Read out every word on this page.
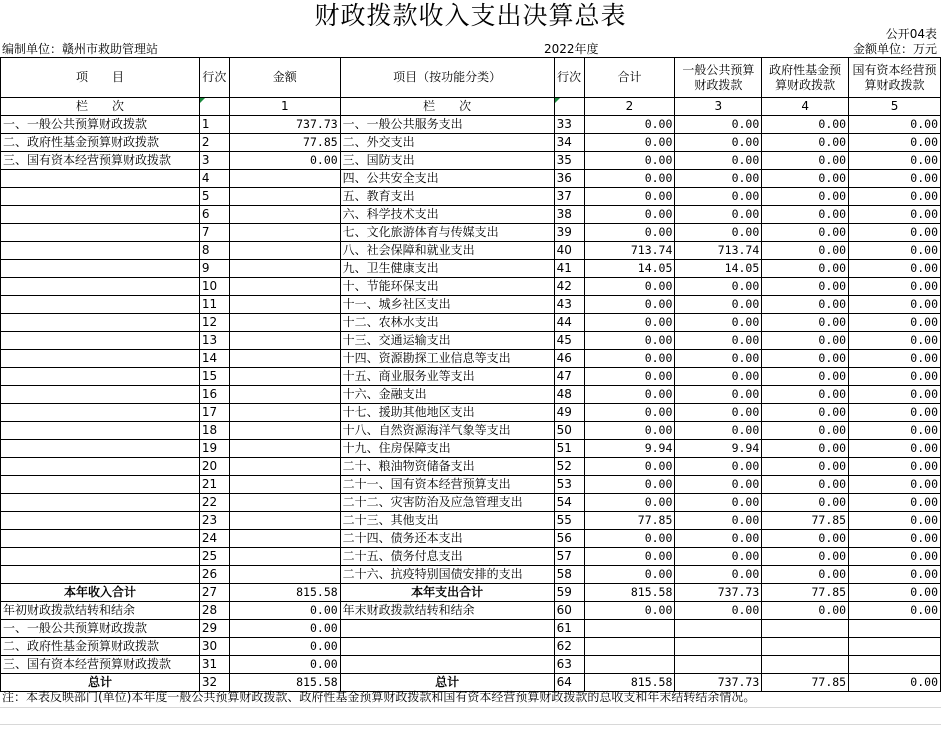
财政拨款收入支出决算总表
公开04表
编制单位：赣州市救助管理站	2022年度	金额单位：万元
项　　目	行次	金额	项目（按功能分类）	行次	合计	一般公共预算财政拨款	政府性基金预算财政拨款	国有资本经营预算财政拨款
栏　　次		1	栏　　次		2	3	4	5
一、一般公共预算财政拨款	1	737.73	一、一般公共服务支出	33	0.00	0.00	0.00	0.00
二、政府性基金预算财政拨款	2	77.85	二、外交支出	34	0.00	0.00	0.00	0.00
三、国有资本经营预算财政拨款	3	0.00	三、国防支出	35	0.00	0.00	0.00	0.00
	4		四、公共安全支出	36	0.00	0.00	0.00	0.00
	5		五、教育支出	37	0.00	0.00	0.00	0.00
	6		六、科学技术支出	38	0.00	0.00	0.00	0.00
	7		七、文化旅游体育与传媒支出	39	0.00	0.00	0.00	0.00
	8		八、社会保障和就业支出	40	713.74	713.74	0.00	0.00
	9		九、卫生健康支出	41	14.05	14.05	0.00	0.00
	10		十、节能环保支出	42	0.00	0.00	0.00	0.00
	11		十一、城乡社区支出	43	0.00	0.00	0.00	0.00
	12		十二、农林水支出	44	0.00	0.00	0.00	0.00
	13		十三、交通运输支出	45	0.00	0.00	0.00	0.00
	14		十四、资源勘探工业信息等支出	46	0.00	0.00	0.00	0.00
	15		十五、商业服务业等支出	47	0.00	0.00	0.00	0.00
	16		十六、金融支出	48	0.00	0.00	0.00	0.00
	17		十七、援助其他地区支出	49	0.00	0.00	0.00	0.00
	18		十八、自然资源海洋气象等支出	50	0.00	0.00	0.00	0.00
	19		十九、住房保障支出	51	9.94	9.94	0.00	0.00
	20		二十、粮油物资储备支出	52	0.00	0.00	0.00	0.00
	21		二十一、国有资本经营预算支出	53	0.00	0.00	0.00	0.00
	22		二十二、灾害防治及应急管理支出	54	0.00	0.00	0.00	0.00
	23		二十三、其他支出	55	77.85	0.00	77.85	0.00
	24		二十四、债务还本支出	56	0.00	0.00	0.00	0.00
	25		二十五、债务付息支出	57	0.00	0.00	0.00	0.00
	26		二十六、抗疫特别国债安排的支出	58	0.00	0.00	0.00	0.00
本年收入合计	27	815.58	本年支出合计	59	815.58	737.73	77.85	0.00
年初财政拨款结转和结余	28	0.00	年末财政拨款结转和结余	60	0.00	0.00	0.00	0.00
一、一般公共预算财政拨款	29	0.00		61				
二、政府性基金预算财政拨款	30	0.00		62				
三、国有资本经营预算财政拨款	31	0.00		63				
总计	32	815.58	总计	64	815.58	737.73	77.85	0.00
注：本表反映部门(单位)本年度一般公共预算财政拨款、政府性基金预算财政拨款和国有资本经营预算财政拨款的总收支和年末结转结余情况。
